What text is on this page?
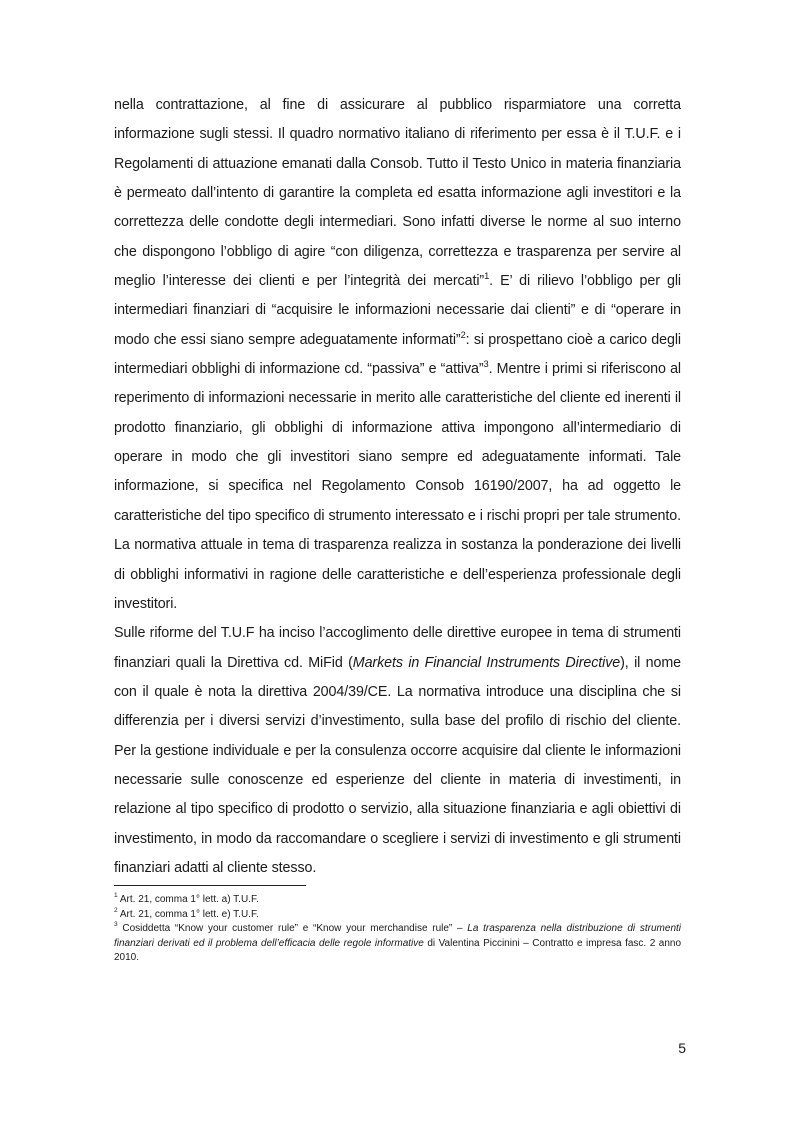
nella contrattazione, al fine di assicurare al pubblico risparmiatore una corretta informazione sugli stessi. Il quadro normativo italiano di riferimento per essa è il T.U.F. e i Regolamenti di attuazione emanati dalla Consob. Tutto il Testo Unico in materia finanziaria è permeato dall’intento di garantire la completa ed esatta informazione agli investitori e la correttezza delle condotte degli intermediari. Sono infatti diverse le norme al suo interno che dispongono l’obbligo di agire “con diligenza, correttezza e trasparenza per servire al meglio l’interesse dei clienti e per l’integrità dei mercati”$^1$. E’ di rilievo l’obbligo per gli intermediari finanziari di “acquisire le informazioni necessarie dai clienti” e di “operare in modo che essi siano sempre adeguatamente informati”$^2$: si prospettano cioè a carico degli intermediari obblighi di informazione cd. “passiva” e “attiva”$^3$. Mentre i primi si riferiscono al reperimento di informazioni necessarie in merito alle caratteristiche del cliente ed inerenti il prodotto finanziario, gli obblighi di informazione attiva impongono all’intermediario di operare in modo che gli investitori siano sempre ed adeguatamente informati. Tale informazione, si specifica nel Regolamento Consob 16190/2007, ha ad oggetto le caratteristiche del tipo specifico di strumento interessato e i rischi propri per tale strumento. La normativa attuale in tema di trasparenza realizza in sostanza la ponderazione dei livelli di obblighi informativi in ragione delle caratteristiche e dell’esperienza professionale degli investitori.

Sulle riforme del T.U.F ha inciso l’accoglimento delle direttive europee in tema di strumenti finanziari quali la Direttiva cd. MiFid (Markets in Financial Instruments Directive), il nome con il quale è nota la direttiva 2004/39/CE. La normativa introduce una disciplina che si differenzia per i diversi servizi d’investimento, sulla base del profilo di rischio del cliente. Per la gestione individuale e per la consulenza occorre acquisire dal cliente le informazioni necessarie sulle conoscenze ed esperienze del cliente in materia di investimenti, in relazione al tipo specifico di prodotto o servizio, alla situazione finanziaria e agli obiettivi di investimento, in modo da raccomandare o scegliere i servizi di investimento e gli strumenti finanziari adatti al cliente stesso.

$^1$ Art. 21, comma 1° lett. a) T.U.F.

$^2$ Art. 21, comma 1° lett. e) T.U.F.

$^3$ Cosiddetta “Know your customer rule” e “Know your merchandise rule” – La trasparenza nella distribuzione di strumenti finanziari derivati ed il problema dell’efficacia delle regole informative di Valentina Piccinini – Contratto e impresa fasc. 2 anno 2010.

5
